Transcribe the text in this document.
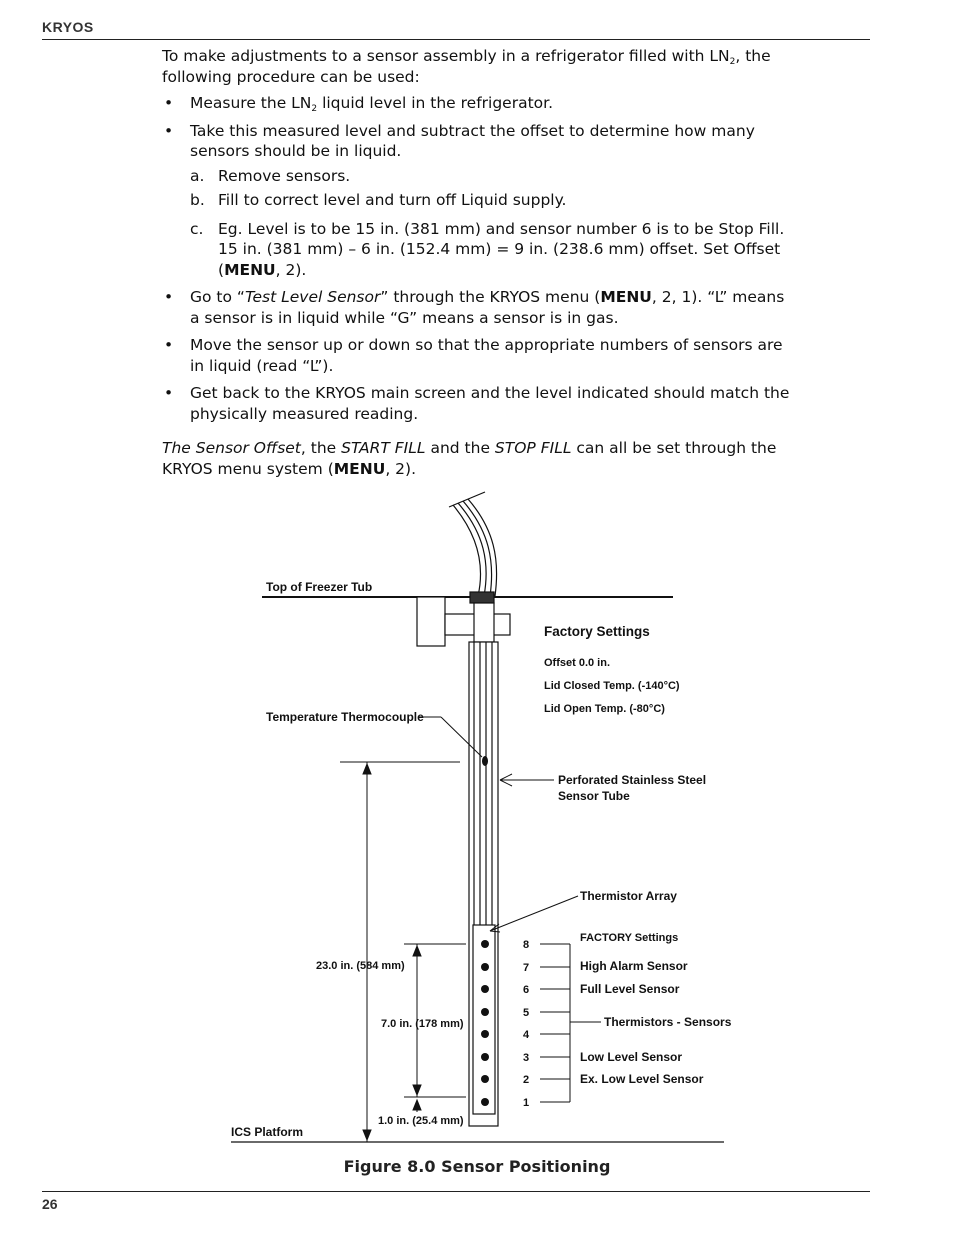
KRYOS

To make adjustments to a sensor assembly in a refrigerator filled with $LN_2$, the following procedure can be used:

• Measure the $LN_2$ liquid level in the refrigerator.
• Take this measured level and subtract the offset to determine how many sensors should be in liquid.
a. Remove sensors.
b. Fill to correct level and turn off Liquid supply.
c. Eg. Level is to be 15 in. (381 mm) and sensor number 6 is to be Stop Fill. 15 in. (381 mm) – 6 in. (152.4 mm) = 9 in. (238.6 mm) offset. Set Offset (MENU, 2).
• Go to “Test Level Sensor” through the KRYOS menu (MENU, 2, 1). “L” means a sensor is in liquid while “G” means a sensor is in gas.
• Move the sensor up or down so that the appropriate numbers of sensors are in liquid (read “L”).
• Get back to the KRYOS main screen and the level indicated should match the physically measured reading.

The Sensor Offset, the START FILL and the STOP FILL can all be set through the KRYOS menu system (MENU, 2).

8
7
6
5
4
3
2
1
Top of Freezer Tub
Factory Settings
Offset 0.0 in.
Lid Closed Temp. (-140°C)
Lid Open Temp. (-80°C)
Temperature Thermocouple
Perforated Stainless Steel
Sensor Tube
Thermistor Array
FACTORY Settings
High Alarm Sensor
Full Level Sensor
Thermistors - Sensors
Low Level Sensor
Ex. Low Level Sensor
23.0 in. (584 mm)
7.0 in. (178 mm)
1.0 in. (25.4 mm)
ICS Platform
Figure 8.0 Sensor Positioning
26
